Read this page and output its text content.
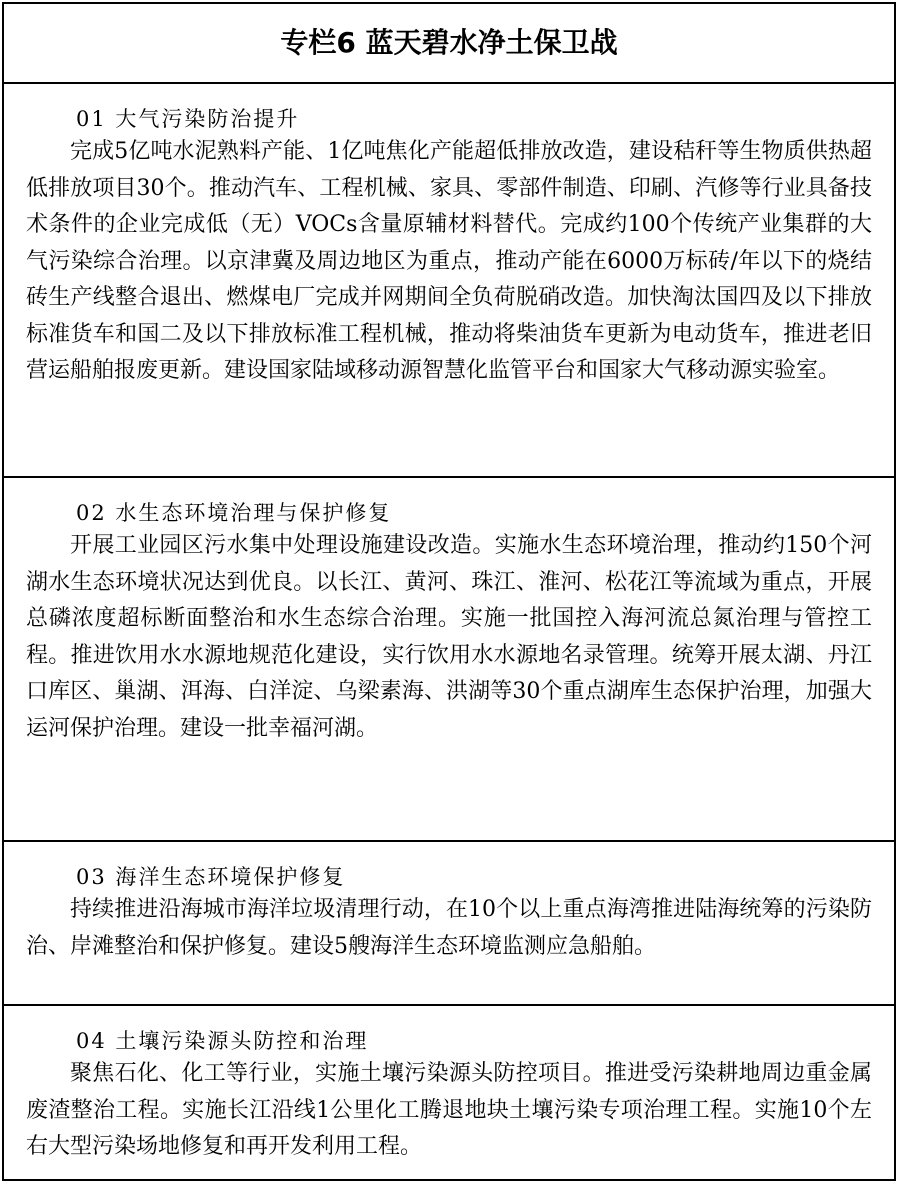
专栏6 蓝天碧水净土保卫战

01 大气污染防治提升

完成5亿吨水泥熟料产能、1亿吨焦化产能超低排放改造，建设秸秆等生物质供热超低排放项目30个。推动汽车、工程机械、家具、零部件制造、印刷、汽修等行业具备技术条件的企业完成低（无）VOCs含量原辅材料替代。完成约100个传统产业集群的大气污染综合治理。以京津冀及周边地区为重点，推动产能在6000万标砖/年以下的烧结砖生产线整合退出、燃煤电厂完成并网期间全负荷脱硝改造。加快淘汰国四及以下排放标准货车和国二及以下排放标准工程机械，推动将柴油货车更新为电动货车，推进老旧营运船舶报废更新。建设国家陆域移动源智慧化监管平台和国家大气移动源实验室。

02 水生态环境治理与保护修复

开展工业园区污水集中处理设施建设改造。实施水生态环境治理，推动约150个河湖水生态环境状况达到优良。以长江、黄河、珠江、淮河、松花江等流域为重点，开展总磷浓度超标断面整治和水生态综合治理。实施一批国控入海河流总氮治理与管控工程。推进饮用水水源地规范化建设，实行饮用水水源地名录管理。统筹开展太湖、丹江口库区、巢湖、洱海、白洋淀、乌梁素海、洪湖等30个重点湖库生态保护治理，加强大运河保护治理。建设一批幸福河湖。

03 海洋生态环境保护修复

持续推进沿海城市海洋垃圾清理行动，在10个以上重点海湾推进陆海统筹的污染防治、岸滩整治和保护修复。建设5艘海洋生态环境监测应急船舶。

04 土壤污染源头防控和治理

聚焦石化、化工等行业，实施土壤污染源头防控项目。推进受污染耕地周边重金属废渣整治工程。实施长江沿线1公里化工腾退地块土壤污染专项治理工程。实施10个左右大型污染场地修复和再开发利用工程。
